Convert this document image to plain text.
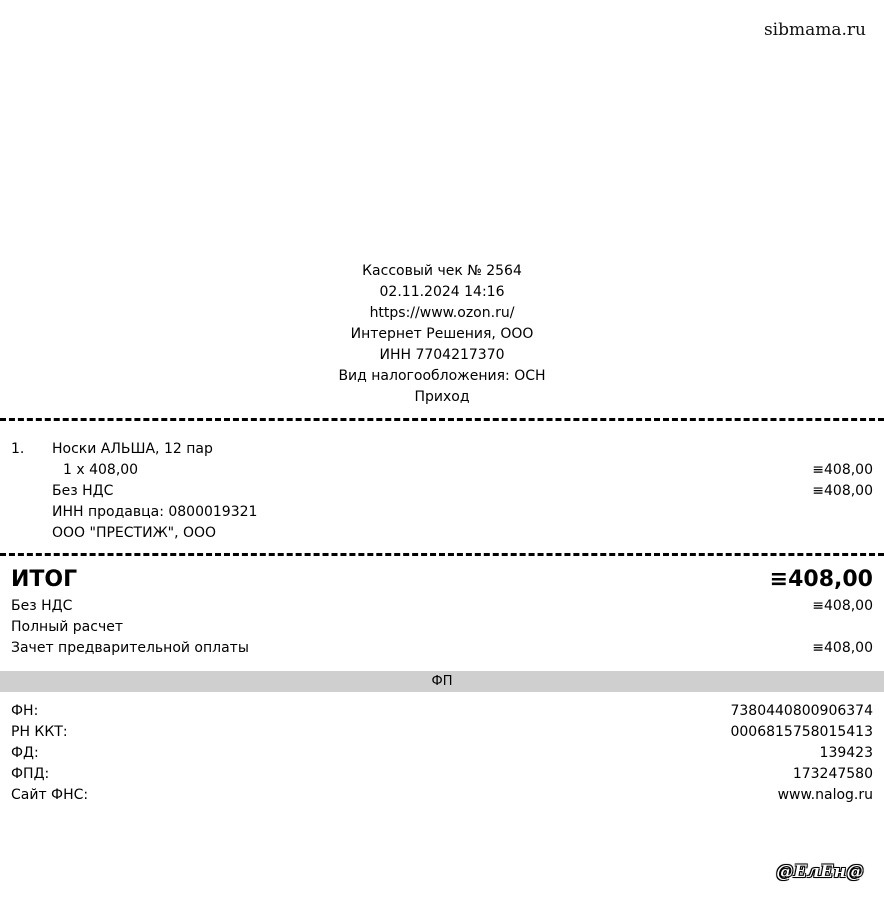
sibmama.ru
Кассовый чек № 2564
02.11.2024 14:16
https://www.ozon.ru/
Интернет Решения, ООО
ИНН 7704217370
Вид налогообложения: ОСН
Приход
1. Носки АЛЬША, 12 пар
1 x 408,00	≡408,00
Без НДС	≡408,00
ИНН продавца: 0800019321
ООО "ПРЕСТИЖ", ООО
ИТОГ	≡408,00
Без НДС	≡408,00
Полный расчет
Зачет предварительной оплаты	≡408,00
ФП
ФН:	7380440800906374
РН ККТ:	0006815758015413
ФД:	139423
ФПД:	173247580
Сайт ФНС:	www.nalog.ru
@ЕлЕн@
